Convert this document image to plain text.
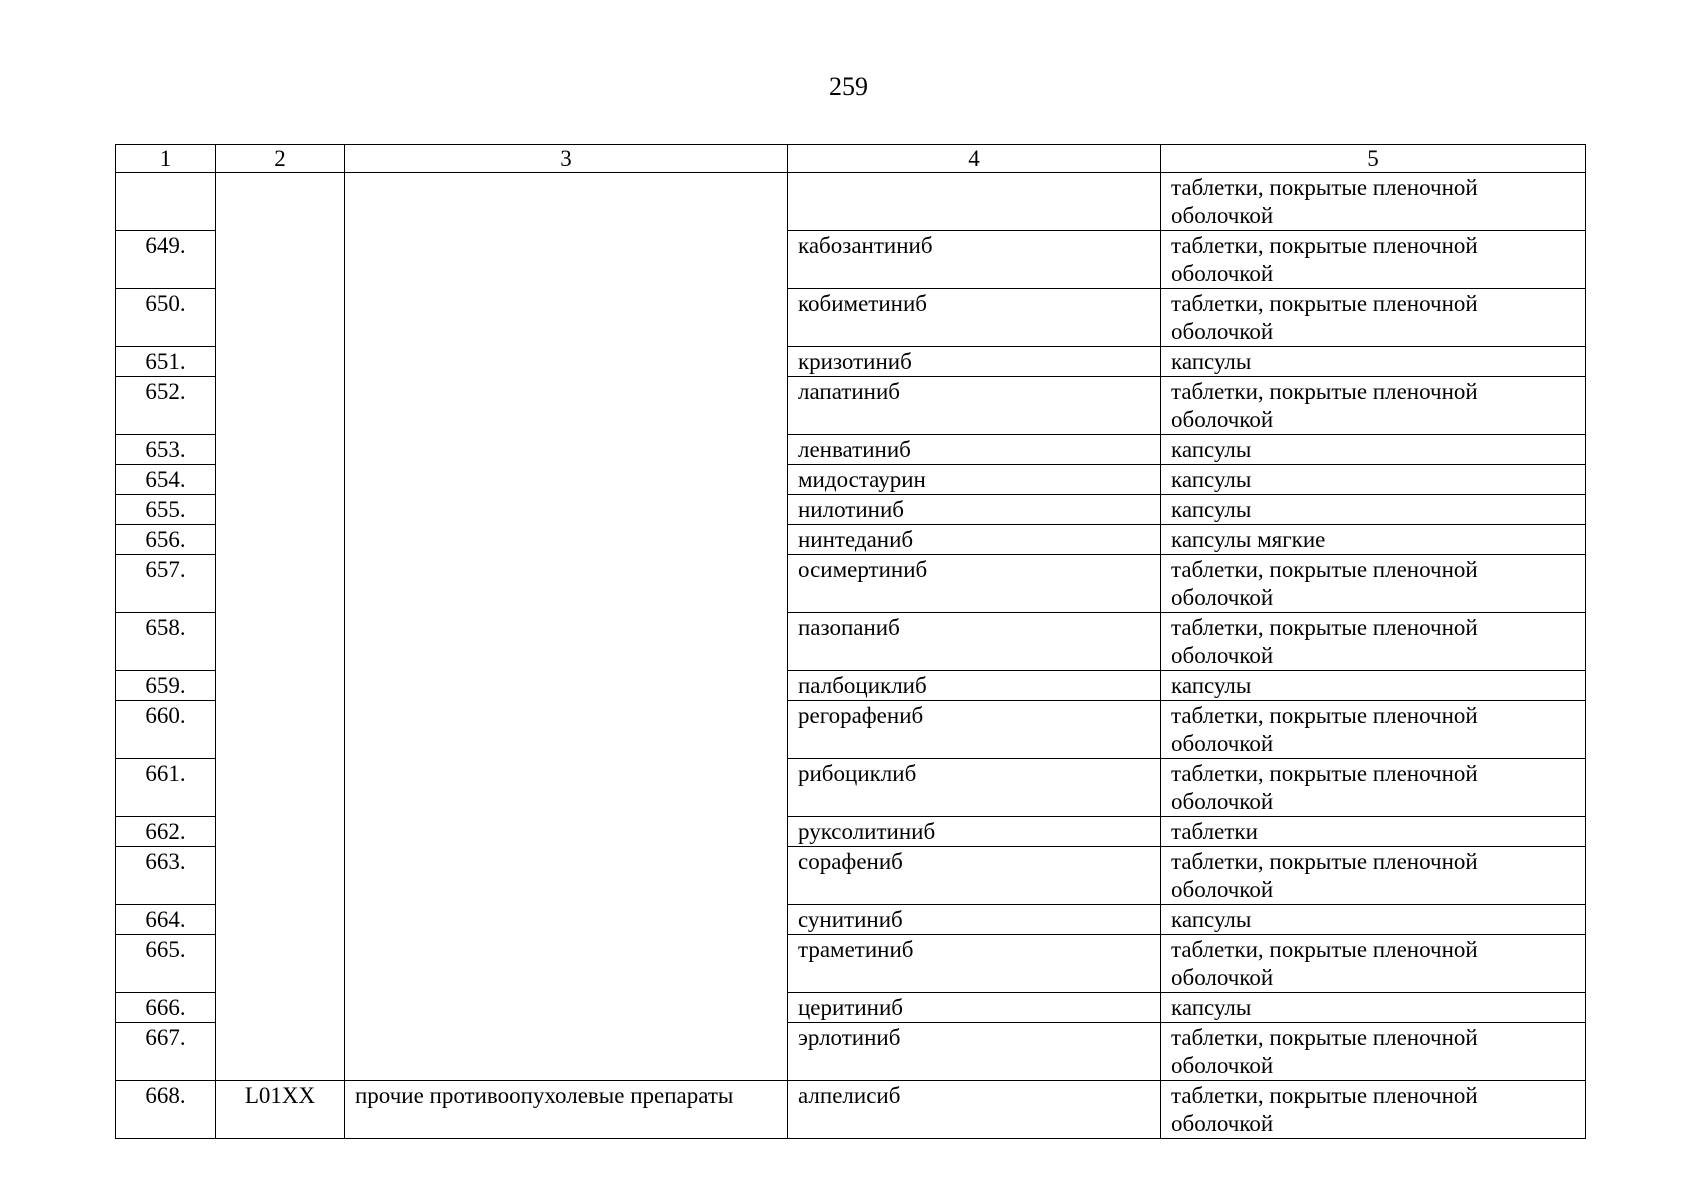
259
1	2	3	4	5
				таблетки, покрытые пленочной оболочкой
649.			кабозантиниб	таблетки, покрытые пленочной оболочкой
650.			кобиметиниб	таблетки, покрытые пленочной оболочкой
651.			кризотиниб	капсулы
652.			лапатиниб	таблетки, покрытые пленочной оболочкой
653.			ленватиниб	капсулы
654.			мидостаурин	капсулы
655.			нилотиниб	капсулы
656.			нинтеданиб	капсулы мягкие
657.			осимертиниб	таблетки, покрытые пленочной оболочкой
658.			пазопаниб	таблетки, покрытые пленочной оболочкой
659.			палбоциклиб	капсулы
660.			регорафениб	таблетки, покрытые пленочной оболочкой
661.			рибоциклиб	таблетки, покрытые пленочной оболочкой
662.			руксолитиниб	таблетки
663.			сорафениб	таблетки, покрытые пленочной оболочкой
664.			сунитиниб	капсулы
665.			траметиниб	таблетки, покрытые пленочной оболочкой
666.			церитиниб	капсулы
667.			эрлотиниб	таблетки, покрытые пленочной оболочкой
668.	L01XX	прочие противоопухолевые препараты	алпелисиб	таблетки, покрытые пленочной оболочкой
